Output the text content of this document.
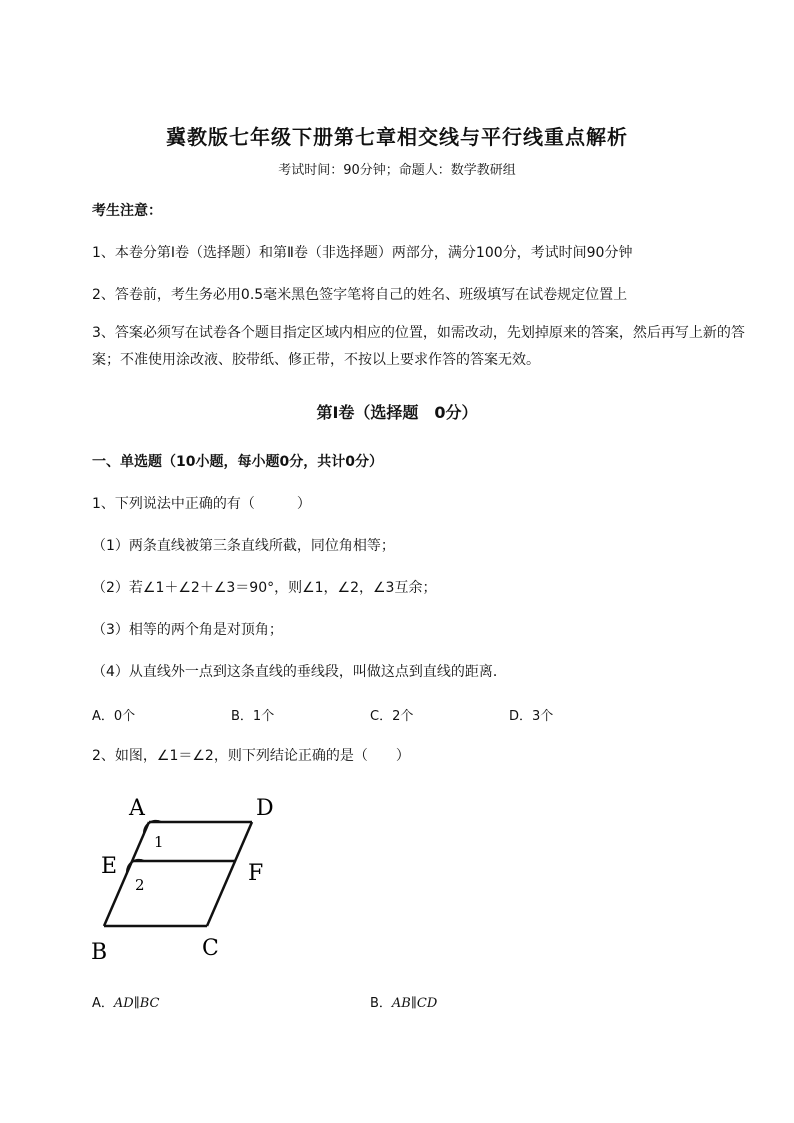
冀教版七年级下册第七章相交线与平行线重点解析
考试时间：90分钟；命题人：数学教研组
考生注意：
1、本卷分第Ⅰ卷（选择题）和第Ⅱ卷（非选择题）两部分，满分100分，考试时间90分钟
2、答卷前，考生务必用0.5毫米黑色签字笔将自己的姓名、班级填写在试卷规定位置上
3、答案必须写在试卷各个题目指定区域内相应的位置，如需改动，先划掉原来的答案，然后再写上新的答案；不准使用涂改液、胶带纸、修正带，不按以上要求作答的答案无效。
第Ⅰ卷（选择题　0分）
一、单选题（10小题，每小题0分，共计0分）
1、下列说法中正确的有（　　　）
（1）两条直线被第三条直线所截，同位角相等；
（2）若∠1＋∠2＋∠3＝90°，则∠1，∠2，∠3互余；
（3）相等的两个角是对顶角；
（4）从直线外一点到这条直线的垂线段，叫做这点到直线的距离．
A．0个	B．1个	C．2个	D．3个
2、如图，∠1＝∠2，则下列结论正确的是（　　）
A	D
E	F
B	C
1
2
A．AD∥BC	B．AB∥CD
